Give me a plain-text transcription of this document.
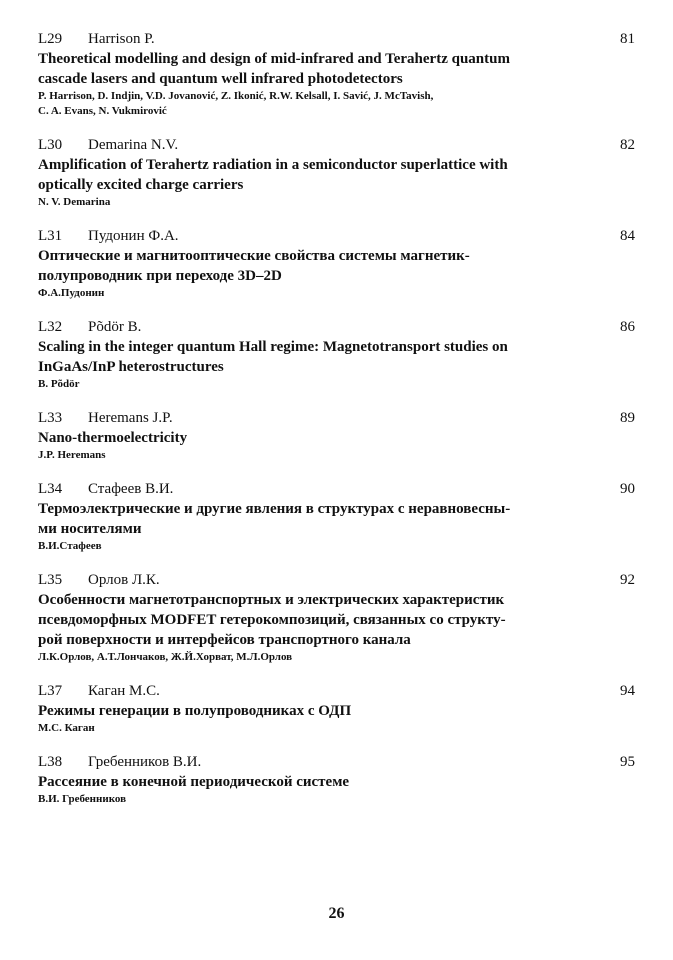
L29	Harrison P.	81
Theoretical modelling and design of mid-infrared and Terahertz quantum
cascade lasers and quantum well infrared photodetectors
P. Harrison, D. Indjin, V.D. Jovanović, Z. Ikonić, R.W. Kelsall, I. Savić, J. McTavish,
C. A. Evans, N. Vukmirović
L30	Demarina N.V.	82
Amplification of Terahertz radiation in a semiconductor superlattice with
optically excited charge carriers
N. V. Demarina
L31	Пудонин Ф.А.	84
Оптические и магнитооптические свойства системы магнетик-
полупроводник при переходе 3D–2D
Ф.А.Пудонин
L32	Põdör B.	86
Scaling in the integer quantum Hall regime: Magnetotransport studies on
InGaAs/InP heterostructures
B. Põdör
L33	Heremans J.P.	89
Nano-thermoelectricity
J.P. Heremans
L34	Стафеев В.И.	90
Термоэлектрические и другие явления в структурах с неравновесны-
ми носителями
В.И.Стафеев
L35	Орлов Л.К.	92
Особенности магнетотранспортных и электрических характеристик
псевдоморфных MODFET гетерокомпозиций, связанных со структу-
рой поверхности и интерфейсов транспортного канала
Л.К.Орлов, А.Т.Лончаков, Ж.Й.Хорват, М.Л.Орлов
L37	Каган М.С.	94
Режимы генерации в полупроводниках с ОДП
М.С. Каган
L38	Гребенников В.И.	95
Рассеяние в конечной периодической системе
В.И. Гребенников
26
